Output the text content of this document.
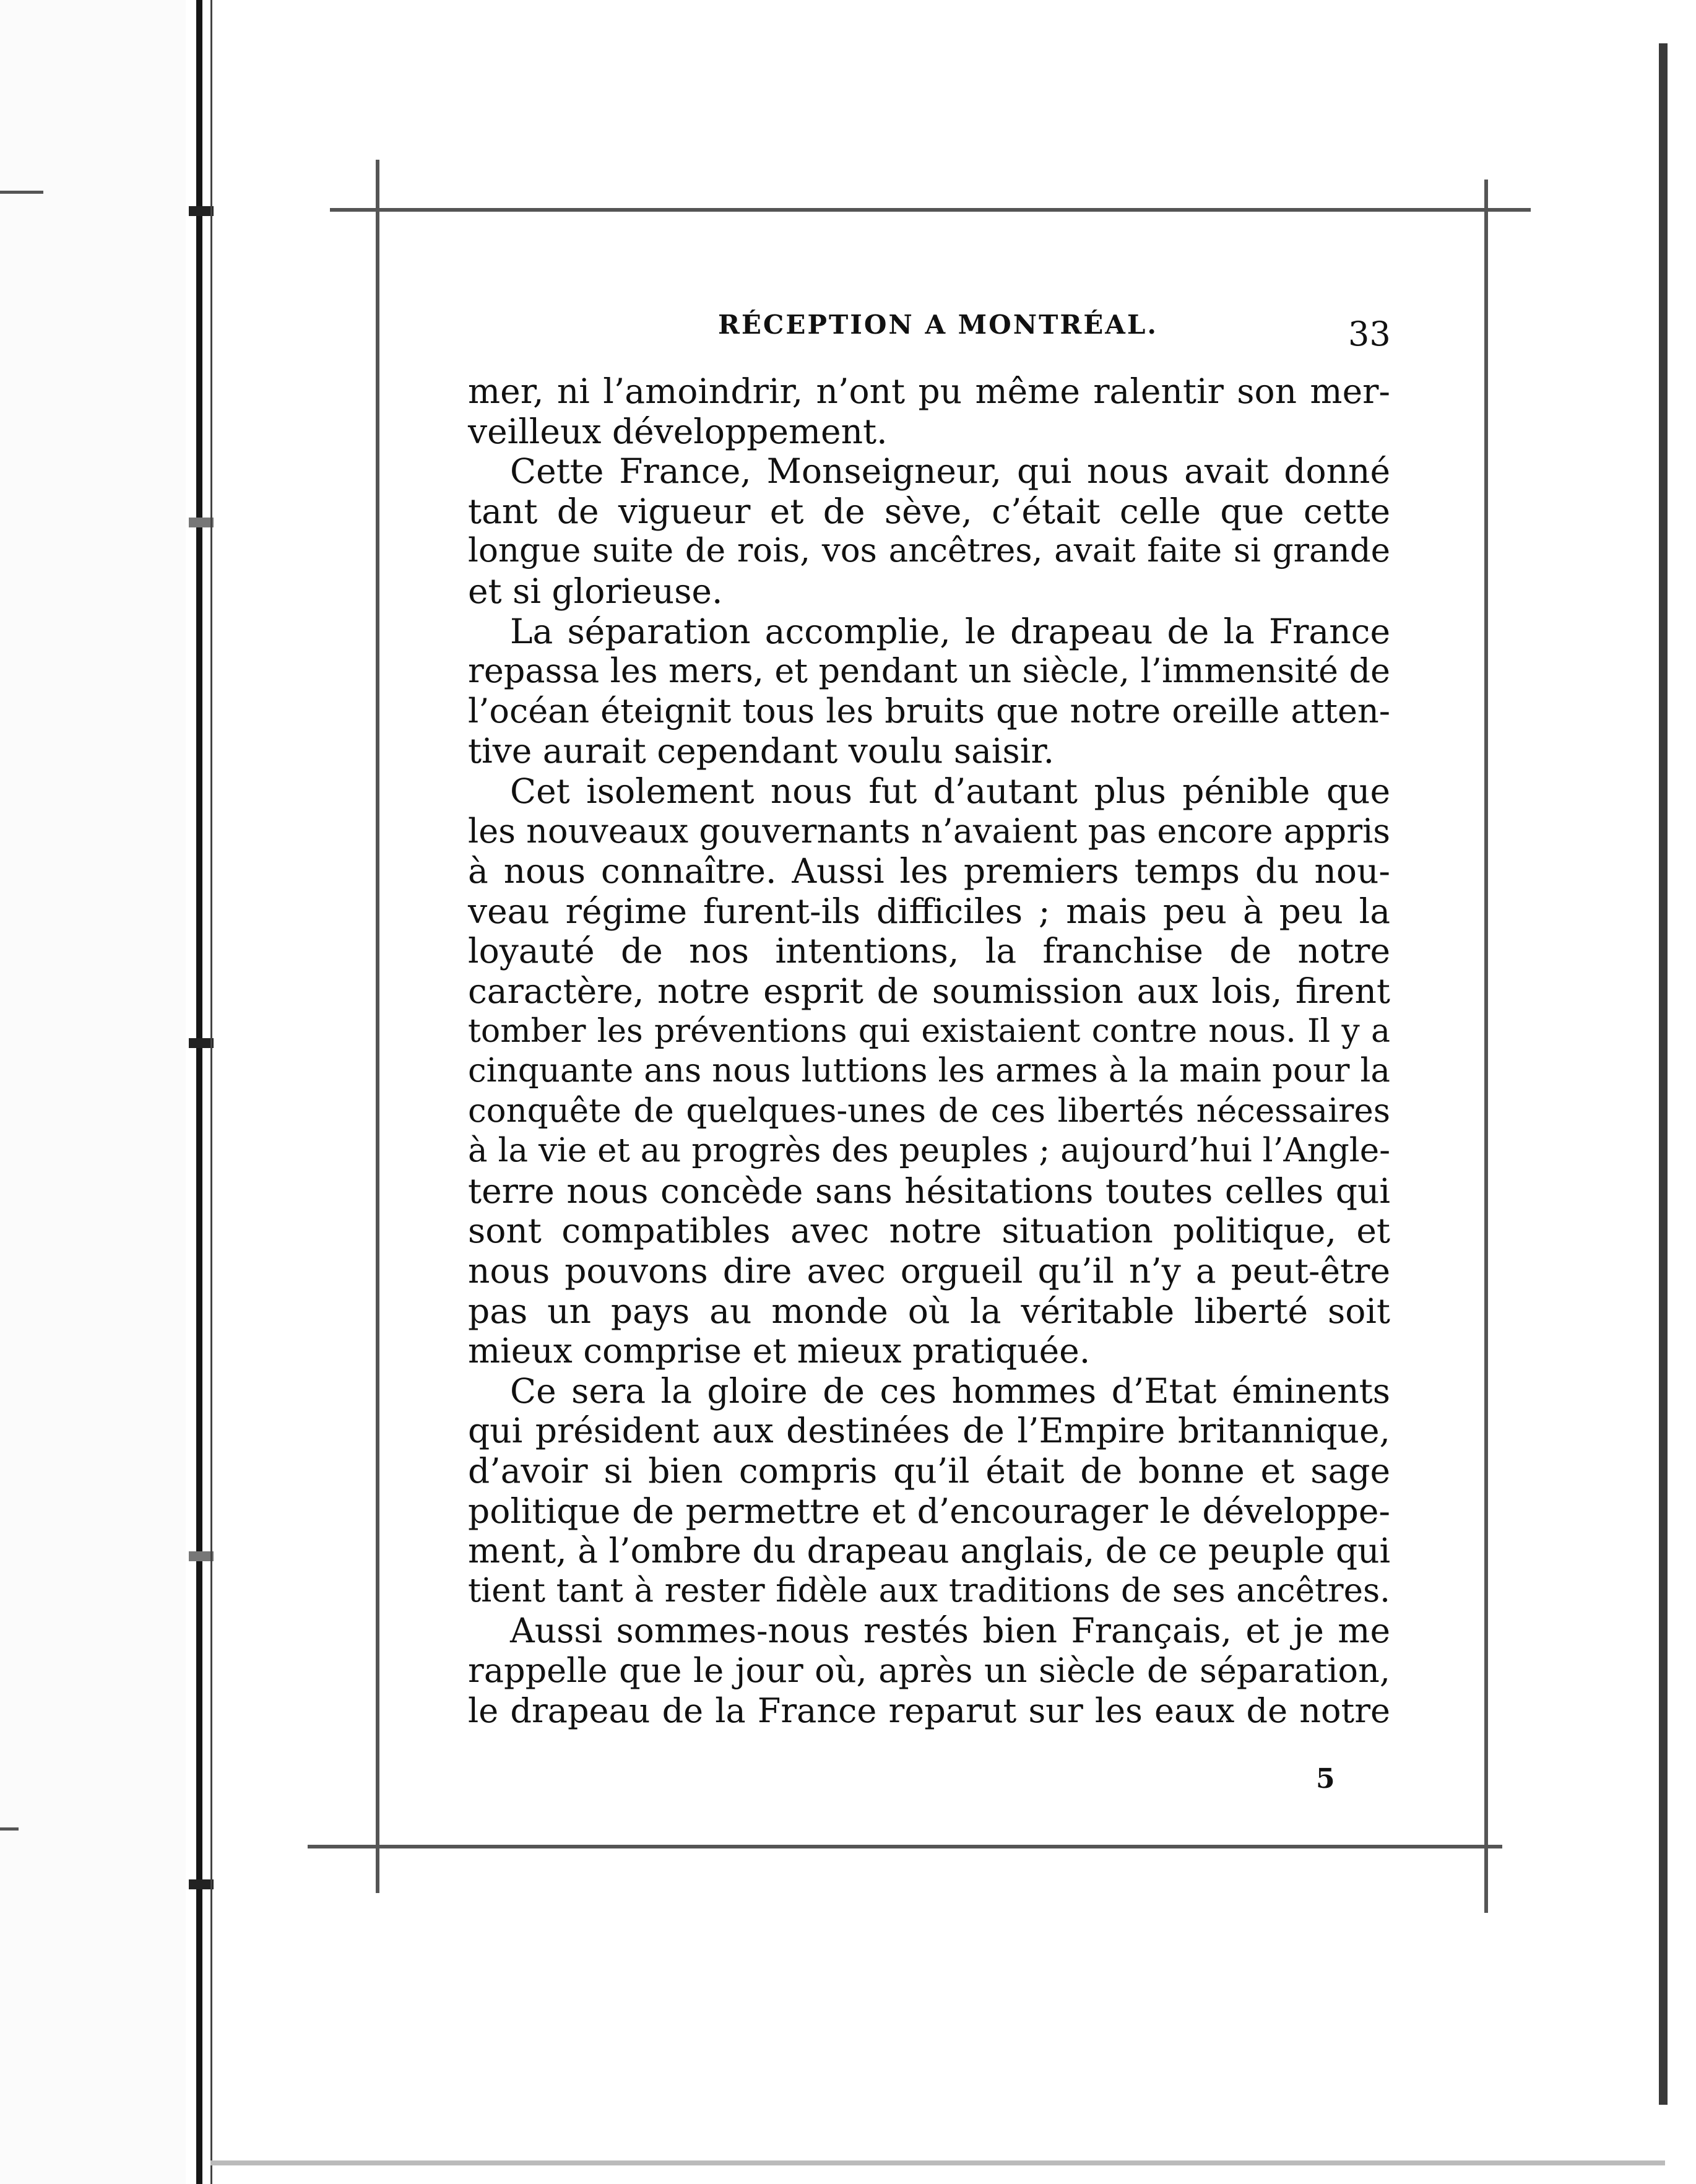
RÉCEPTION A MONTRÉAL.	33
mer, ni l’amoindrir, n’ont pu même ralentir son mer-
veilleux développement.
Cette France, Monseigneur, qui nous avait donné
tant de vigueur et de sève, c’était celle que cette
longue suite de rois, vos ancêtres, avait faite si grande
et si glorieuse.
La séparation accomplie, le drapeau de la France
repassa les mers, et pendant un siècle, l’immensité de
l’océan éteignit tous les bruits que notre oreille atten-
tive aurait cependant voulu saisir.
Cet isolement nous fut d’autant plus pénible que
les nouveaux gouvernants n’avaient pas encore appris
à nous connaître. Aussi les premiers temps du nou-
veau régime furent-ils difficiles ; mais peu à peu la
loyauté de nos intentions, la franchise de notre
caractère, notre esprit de soumission aux lois, firent
tomber les préventions qui existaient contre nous. Il y a
cinquante ans nous luttions les armes à la main pour la
conquête de quelques-unes de ces libertés nécessaires
à la vie et au progrès des peuples ; aujourd’hui l’Angle-
terre nous concède sans hésitations toutes celles qui
sont compatibles avec notre situation politique, et
nous pouvons dire avec orgueil qu’il n’y a peut-être
pas un pays au monde où la véritable liberté soit
mieux comprise et mieux pratiquée.
Ce sera la gloire de ces hommes d’Etat éminents
qui président aux destinées de l’Empire britannique,
d’avoir si bien compris qu’il était de bonne et sage
politique de permettre et d’encourager le développe-
ment, à l’ombre du drapeau anglais, de ce peuple qui
tient tant à rester fidèle aux traditions de ses ancêtres.
Aussi sommes-nous restés bien Français, et je me
rappelle que le jour où, après un siècle de séparation,
le drapeau de la France reparut sur les eaux de notre
5
